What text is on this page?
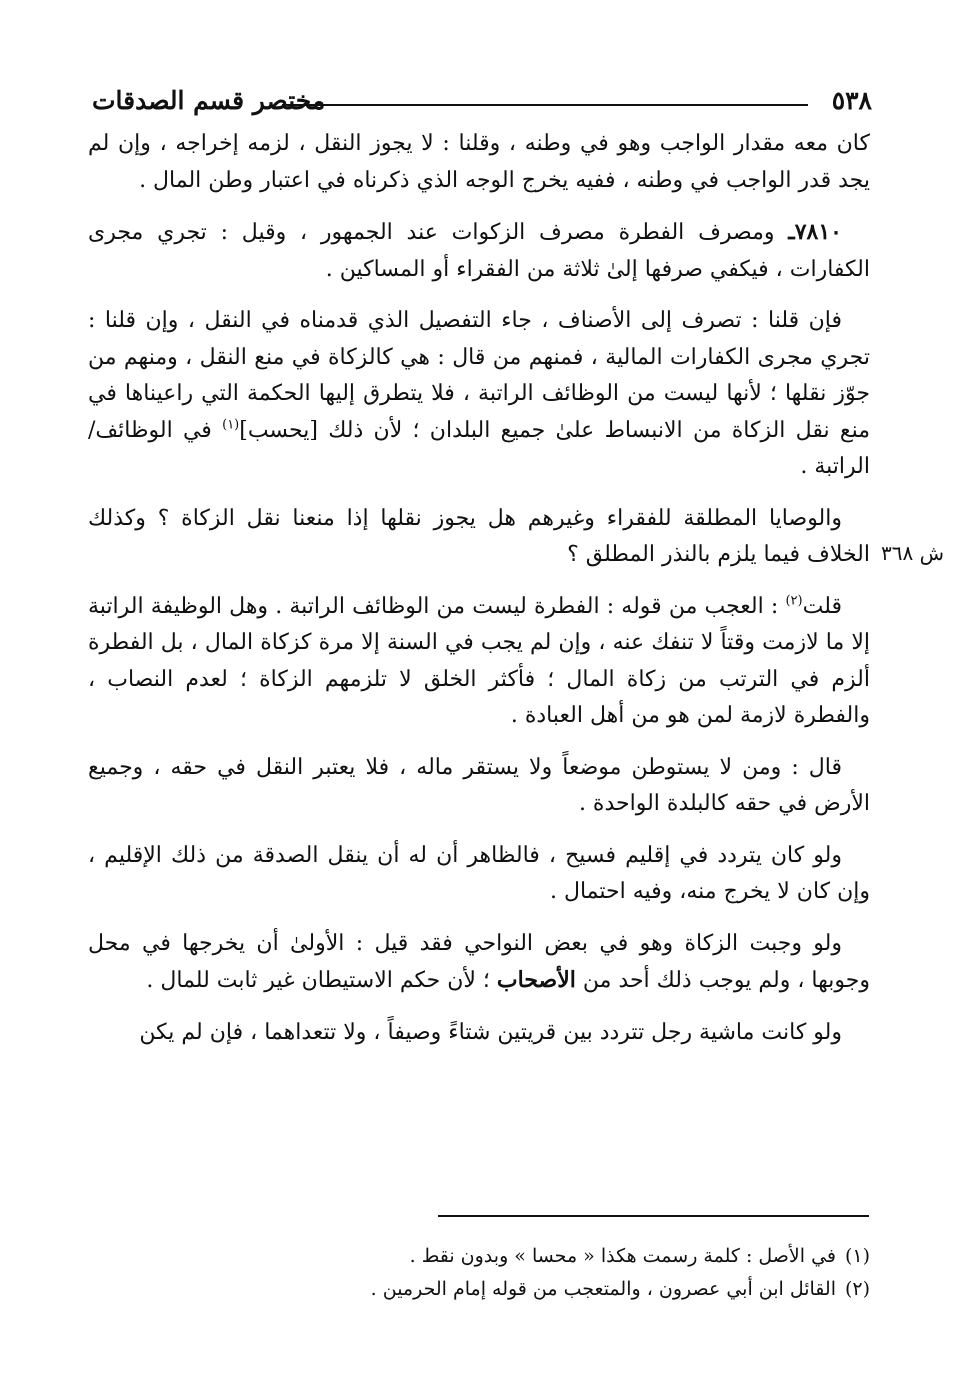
٥٣٨
مختصر قسم الصدقات

كان معه مقدار الواجب وهو في وطنه ، وقلنا : لا يجوز النقل ، لزمه إخراجه ، وإن لم يجد قدر الواجب في وطنه ، ففيه يخرج الوجه الذي ذكرناه في اعتبار وطن المال .

٧٨١٠ـ ومصرف الفطرة مصرف الزكوات عند الجمهور ، وقيل : تجري مجرى الكفارات ، فيكفي صرفها إلىٰ ثلاثة من الفقراء أو المساكين .

فإن قلنا : تصرف إلى الأصناف ، جاء التفصيل الذي قدمناه في النقل ، وإن قلنا : تجري مجرى الكفارات المالية ، فمنهم من قال : هي كالزكاة في منع النقل ، ومنهم من جوّز نقلها ؛ لأنها ليست من الوظائف الراتبة ، فلا يتطرق إليها الحكمة التي راعيناها في منع نقل الزكاة من الانبساط علىٰ جميع البلدان ؛ لأن ذلك [يحسب]$^{(١)}$ في الوظائف/ الراتبة .

والوصايا المطلقة للفقراء وغيرهم هل يجوز نقلها إذا منعنا نقل الزكاة ؟ وكذلك الخلاف فيما يلزم بالنذر المطلق ؟

قلت$^{(٢)}$ : العجب من قوله : الفطرة ليست من الوظائف الراتبة . وهل الوظيفة الراتبة إلا ما لازمت وقتاً لا تنفك عنه ، وإن لم يجب في السنة إلا مرة كزكاة المال ، بل الفطرة ألزم في الترتب من زكاة المال ؛ فأكثر الخلق لا تلزمهم الزكاة ؛ لعدم النصاب ، والفطرة لازمة لمن هو من أهل العبادة .

قال : ومن لا يستوطن موضعاً ولا يستقر ماله ، فلا يعتبر النقل في حقه ، وجميع الأرض في حقه كالبلدة الواحدة .

ولو كان يتردد في إقليم فسيح ، فالظاهر أن له أن ينقل الصدقة من ذلك الإقليم ، وإن كان لا يخرج منه، وفيه احتمال .

ولو وجبت الزكاة وهو في بعض النواحي فقد قيل : الأولىٰ أن يخرجها في محل وجوبها ، ولم يوجب ذلك أحد من الأصحاب ؛ لأن حكم الاستيطان غير ثابت للمال .

ولو كانت ماشية رجل تتردد بين قريتين شتاءً وصيفاً ، ولا تتعداهما ، فإن لم يكن

ش ٣٦٨
(١)في الأصل : كلمة رسمت هكذا « محسا » وبدون نقط .
(٢)القائل ابن أبي عصرون ، والمتعجب من قوله إمام الحرمين .
